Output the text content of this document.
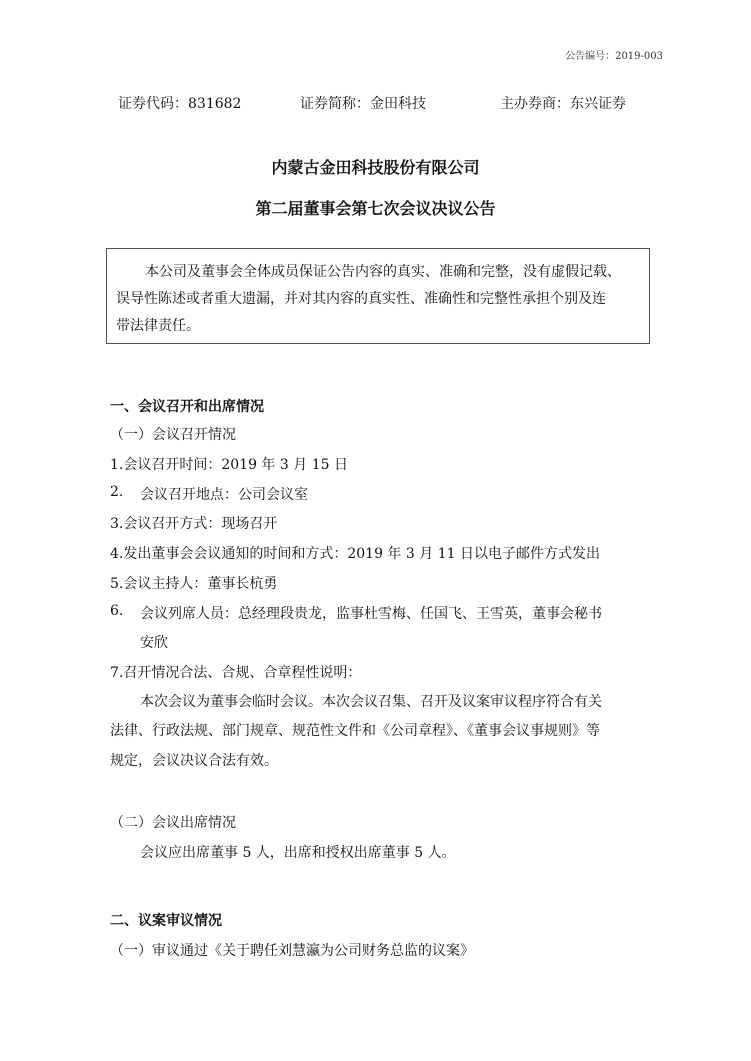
公告编号：2019-003
证券代码：831682	证券简称：金田科技	主办券商：东兴证券
内蒙古金田科技股份有限公司
第二届董事会第七次会议决议公告
本公司及董事会全体成员保证公告内容的真实、准确和完整，没有虚假记载、
误导性陈述或者重大遗漏，并对其内容的真实性、准确性和完整性承担个别及连
带法律责任。
一、会议召开和出席情况
（一）会议召开情况
1.会议召开时间：2019 年 3 月 15 日
2. 会议召开地点：公司会议室
3.会议召开方式：现场召开
4.发出董事会会议通知的时间和方式：2019 年 3 月 11 日以电子邮件方式发出
5.会议主持人：董事长杭勇
6. 会议列席人员：总经理段贵龙，监事杜雪梅、任国飞、王雪英，董事会秘书
安欣
7.召开情况合法、合规、合章程性说明：
本次会议为董事会临时会议。本次会议召集、召开及议案审议程序符合有关
法律、行政法规、部门规章、规范性文件和《公司章程》、《董事会议事规则》等
规定，会议决议合法有效。
（二）会议出席情况
会议应出席董事 5 人，出席和授权出席董事 5 人。
二、议案审议情况
（一）审议通过《关于聘任刘慧瀛为公司财务总监的议案》
